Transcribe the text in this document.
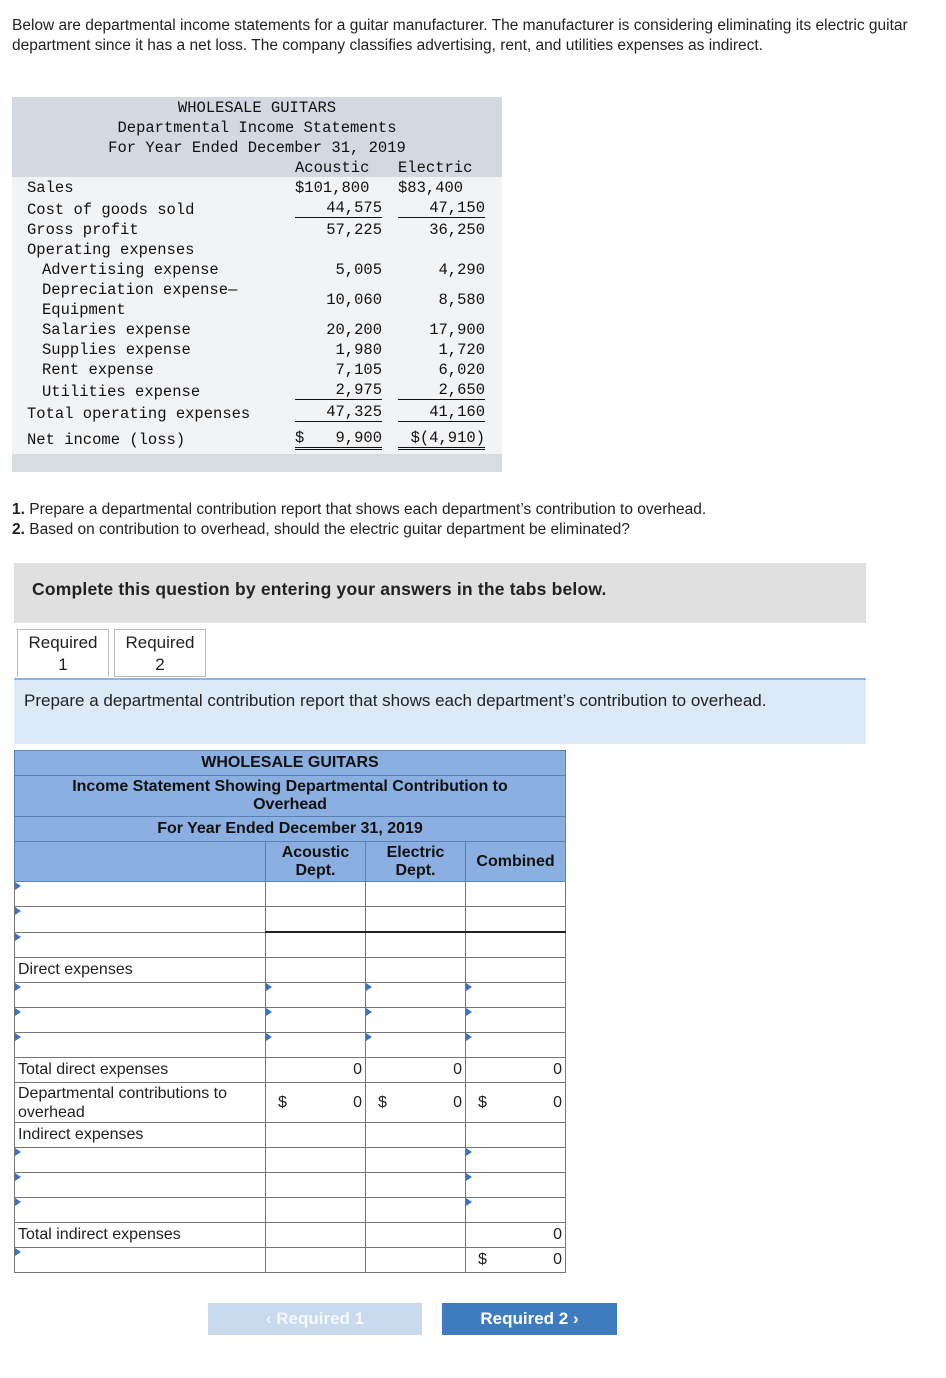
Below are departmental income statements for a guitar manufacturer. The manufacturer is considering eliminating its electric guitar department since it has a net loss. The company classifies advertising, rent, and utilities expenses as indirect.
WHOLESALE GUITARS
Departmental Income Statements
For Year Ended December 31, 2019
Acoustic Electric
Sales	$101,800 $83,400
Cost of goods sold	44,575	47,150
Gross profit	57,225	36,250
Operating expenses
Advertising expense	5,005	4,290
Depreciation expense—
Equipment
10,060	8,580
Salaries expense	20,200	17,900
Supplies expense	1,980	1,720
Rent expense	7,105	6,020
Utilities expense	2,975	2,650
Total operating expenses	47,325	41,160
Net income (loss)	$ 9,900	$(4,910)
1. Prepare a departmental contribution report that shows each department’s contribution to overhead.
2. Based on contribution to overhead, should the electric guitar department be eliminated?
Complete this question by entering your answers in the tabs below.
Required
1
Required
2
Prepare a departmental contribution report that shows each department’s contribution to overhead.
WHOLESALE GUITARS			
Income Statement Showing Departmental Contribution to Overhead			
For Year Ended December 31, 2019			
	Acoustic Dept.	Electric Dept.	Combined

Direct expenses			

Total direct expenses	0	0	0
Departmental contributions to overhead	$ 0	$ 0	$ 0
Indirect expenses			

Total indirect expenses			0

			$ 0
‹ Required 1	Required 2 ›
